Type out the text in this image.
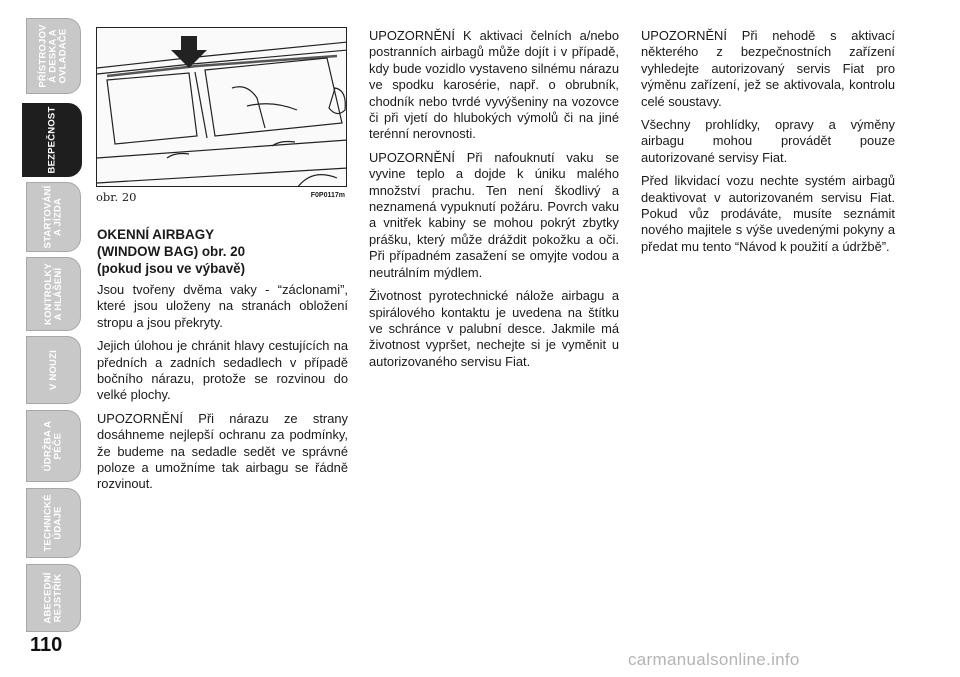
PŘÍSTROJOV
Á DESKA A
OVLADAČE
BEZPEČNOST
STARTOVÁNÍ
A JÍZDA
KONTROLKY
A HLÁŠENÍ
V NOUZI
ÚDRŽBA A
PÉČE
TECHNICKÉ
ÚDAJE
ABECEDNÍ
REJSTŘÍK
110
obr. 20	F0P0117m
OKENNÍ AIRBAGY
(WINDOW BAG) obr. 20
(pokud jsou ve výbavě)

Jsou tvořeny dvěma vaky - “záclonami”, které jsou uloženy na stranách obložení stropu a jsou překryty.

Jejich úlohou je chránit hlavy cestujících na předních a zadních sedadlech v případě bočního nárazu, protože se rozvinou do velké plochy.

UPOZORNĚNÍ Při nárazu ze strany dosáhneme nejlepší ochranu za podmínky, že budeme na sedadle sedět ve správné poloze a umožníme tak airbagu se řádně rozvinout.

UPOZORNĚNÍ K aktivaci čelních a/nebo postranních airbagů může dojít i v případě, kdy bude vozidlo vystaveno silnému nárazu ve spodku karosérie, např. o obrubník, chodník nebo tvrdé vyvýšeniny na vozovce či při vjetí do hlubokých výmolů či na jiné terénní nerovnosti.

UPOZORNĚNÍ Při nafouknutí vaku se vyvine teplo a dojde k úniku malého množství prachu. Ten není škodlivý a neznamená vypuknutí požáru. Povrch vaku a vnitřek kabiny se mohou pokrýt zbytky prášku, který může dráždit pokožku a oči. Při případném zasažení se omyjte vodou a neutrálním mýdlem.

Životnost pyrotechnické nálože airbagu a spirálového kontaktu je uvedena na štítku ve schránce v palubní desce. Jakmile má životnost vypršet, nechejte si je vyměnit u autorizovaného servisu Fiat.

UPOZORNĚNÍ Při nehodě s aktivací některého z bezpečnostních zařízení vyhledejte autorizovaný servis Fiat pro výměnu zařízení, jež se aktivovala, kontrolu celé soustavy.

Všechny prohlídky, opravy a výměny airbagu mohou provádět pouze autorizované servisy Fiat.

Před likvidací vozu nechte systém airbagů deaktivovat v autorizovaném servisu Fiat. Pokud vůz prodáváte, musíte seznámit nového majitele s výše uvedenými pokyny a předat mu tento “Návod k použití a údržbě”.

carmanualsonline.info
